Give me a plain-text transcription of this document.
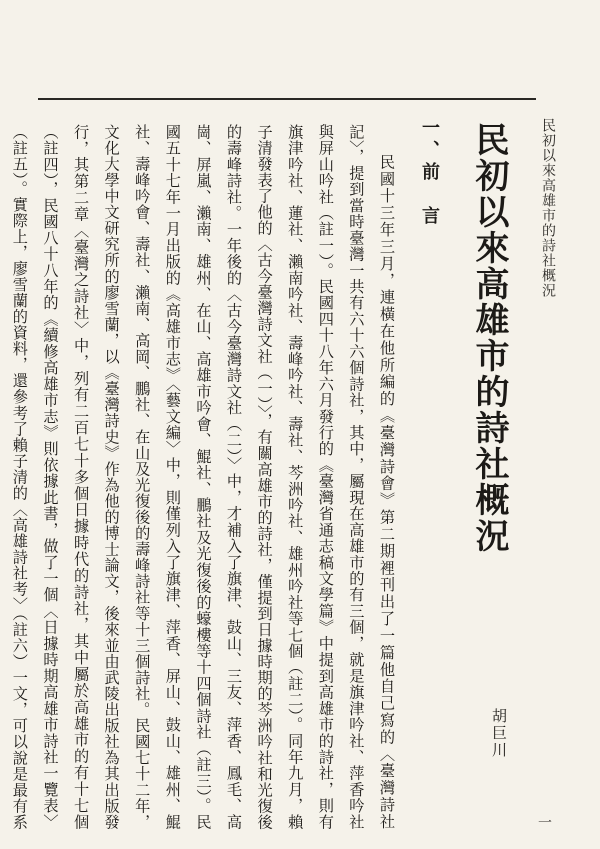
民初以來高雄市的詩社概況
民初以來高雄市的詩社概況
胡巨川
一、前　言

民國十三年三月，連橫在他所編的《臺灣詩會》第二期裡刊出了一篇他自己寫的〈臺灣詩社記〉，提到當時臺灣一共有六十六個詩社，其中，屬現在高雄市的有三個，就是旗津吟社、萍香吟社與屏山吟社（註一）。民國四十八年六月發行的《臺灣省通志稿文學篇》中提到高雄市的詩社，則有旗津吟社、蓮社、瀨南吟社、壽峰吟社、壽社、芩洲吟社、雄州吟社等七個（註二）。同年九月，賴子清發表了他的〈古今臺灣詩文社（一）〉，有關高雄市的詩社，僅提到日據時期的芩洲吟社和光復後的壽峰詩社。一年後的〈古今臺灣詩文社（二）〉中，才補入了旗津、鼓山、三友、萍香、鳳毛、高崗、屏嵐、瀨南、雄州、在山、高雄市吟會、鯤社、鵬社及光復後的蠔樓等十四個詩社（註三）。民國五十七年一月出版的《高雄市志》〈藝文編〉中，則僅列入了旗津、萍香、屏山、鼓山、雄州、鯤社、壽峰吟會、壽社、瀨南、高岡、鵬社、在山及光復後的壽峰詩社等十三個詩社。民國七十二年，文化大學中文研究所的廖雪蘭，以《臺灣詩史》作為他的博士論文，後來並由武陵出版社為其出版發行，其第二章〈臺灣之詩社〉中，列有二百七十多個日據時代的詩社，其中屬於高雄市的有十七個（註四），民國八十八年的《續修高雄市志》則依據此書，做了一個〈日據時期高雄市詩社一覽表〉（註五）。實際上，廖雪蘭的資料，還參考了賴子清的〈高雄詩社考〉（註六）一文，可以說是最有系	一
